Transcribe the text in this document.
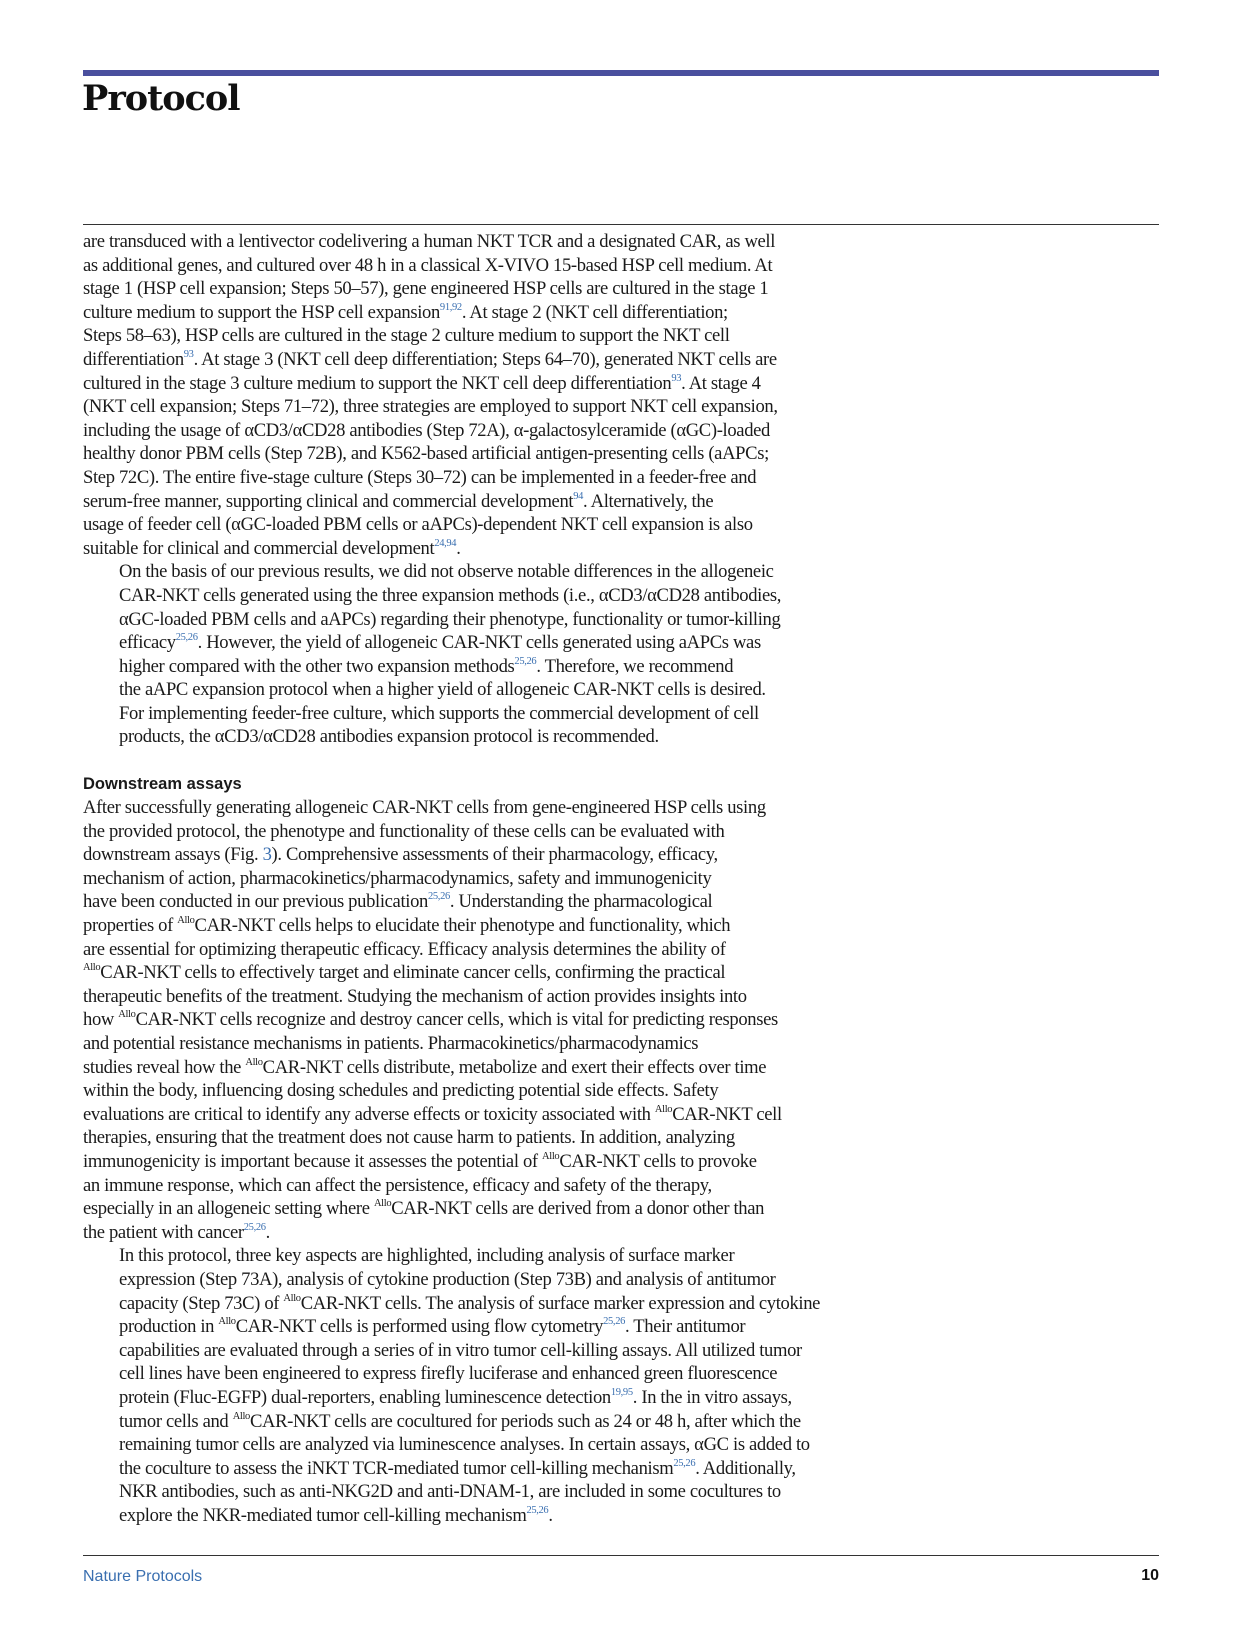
Protocol
are transduced with a lentivector codelivering a human NKT TCR and a designated CAR, as well
as additional genes, and cultured over 48 h in a classical X-VIVO 15-based HSP cell medium. At
stage 1 (HSP cell expansion; Steps 50–57), gene engineered HSP cells are cultured in the stage 1
culture medium to support the HSP cell expansion$^{91,92}$. At stage 2 (NKT cell differentiation;
Steps 58–63), HSP cells are cultured in the stage 2 culture medium to support the NKT cell
differentiation$^{93}$. At stage 3 (NKT cell deep differentiation; Steps 64–70), generated NKT cells are
cultured in the stage 3 culture medium to support the NKT cell deep differentiation$^{93}$. At stage 4
(NKT cell expansion; Steps 71–72), three strategies are employed to support NKT cell expansion,
including the usage of αCD3/αCD28 antibodies (Step 72A), α-galactosylceramide (αGC)-loaded
healthy donor PBM cells (Step 72B), and K562-based artificial antigen-presenting cells (aAPCs;
Step 72C). The entire five-stage culture (Steps 30–72) can be implemented in a feeder-free and
serum-free manner, supporting clinical and commercial development$^{94}$. Alternatively, the
usage of feeder cell (αGC-loaded PBM cells or aAPCs)-dependent NKT cell expansion is also
suitable for clinical and commercial development$^{24,94}$.
On the basis of our previous results, we did not observe notable differences in the allogeneic
CAR-NKT cells generated using the three expansion methods (i.e., αCD3/αCD28 antibodies,
αGC-loaded PBM cells and aAPCs) regarding their phenotype, functionality or tumor-killing
efficacy$^{25,26}$. However, the yield of allogeneic CAR-NKT cells generated using aAPCs was
higher compared with the other two expansion methods$^{25,26}$. Therefore, we recommend
the aAPC expansion protocol when a higher yield of allogeneic CAR-NKT cells is desired.
For implementing feeder-free culture, which supports the commercial development of cell
products, the αCD3/αCD28 antibodies expansion protocol is recommended.
Downstream assays
After successfully generating allogeneic CAR-NKT cells from gene-engineered HSP cells using
the provided protocol, the phenotype and functionality of these cells can be evaluated with
downstream assays (Fig. 3). Comprehensive assessments of their pharmacology, efficacy,
mechanism of action, pharmacokinetics/pharmacodynamics, safety and immunogenicity
have been conducted in our previous publication$^{25,26}$. Understanding the pharmacological
properties of $^{Allo}$CAR-NKT cells helps to elucidate their phenotype and functionality, which
are essential for optimizing therapeutic efficacy. Efficacy analysis determines the ability of
$^{Allo}$CAR-NKT cells to effectively target and eliminate cancer cells, confirming the practical
therapeutic benefits of the treatment. Studying the mechanism of action provides insights into
how $^{Allo}$CAR-NKT cells recognize and destroy cancer cells, which is vital for predicting responses
and potential resistance mechanisms in patients. Pharmacokinetics/pharmacodynamics
studies reveal how the $^{Allo}$CAR-NKT cells distribute, metabolize and exert their effects over time
within the body, influencing dosing schedules and predicting potential side effects. Safety
evaluations are critical to identify any adverse effects or toxicity associated with $^{Allo}$CAR-NKT cell
therapies, ensuring that the treatment does not cause harm to patients. In addition, analyzing
immunogenicity is important because it assesses the potential of $^{Allo}$CAR-NKT cells to provoke
an immune response, which can affect the persistence, efficacy and safety of the therapy,
especially in an allogeneic setting where $^{Allo}$CAR-NKT cells are derived from a donor other than
the patient with cancer$^{25,26}$.
In this protocol, three key aspects are highlighted, including analysis of surface marker
expression (Step 73A), analysis of cytokine production (Step 73B) and analysis of antitumor
capacity (Step 73C) of $^{Allo}$CAR-NKT cells. The analysis of surface marker expression and cytokine
production in $^{Allo}$CAR-NKT cells is performed using flow cytometry$^{25,26}$. Their antitumor
capabilities are evaluated through a series of in vitro tumor cell-killing assays. All utilized tumor
cell lines have been engineered to express firefly luciferase and enhanced green fluorescence
protein (Fluc-EGFP) dual-reporters, enabling luminescence detection$^{19,95}$. In the in vitro assays,
tumor cells and $^{Allo}$CAR-NKT cells are cocultured for periods such as 24 or 48 h, after which the
remaining tumor cells are analyzed via luminescence analyses. In certain assays, αGC is added to
the coculture to assess the iNKT TCR-mediated tumor cell-killing mechanism$^{25,26}$. Additionally,
NKR antibodies, such as anti-NKG2D and anti-DNAM-1, are included in some cocultures to
explore the NKR-mediated tumor cell-killing mechanism$^{25,26}$.
Nature Protocols	10
